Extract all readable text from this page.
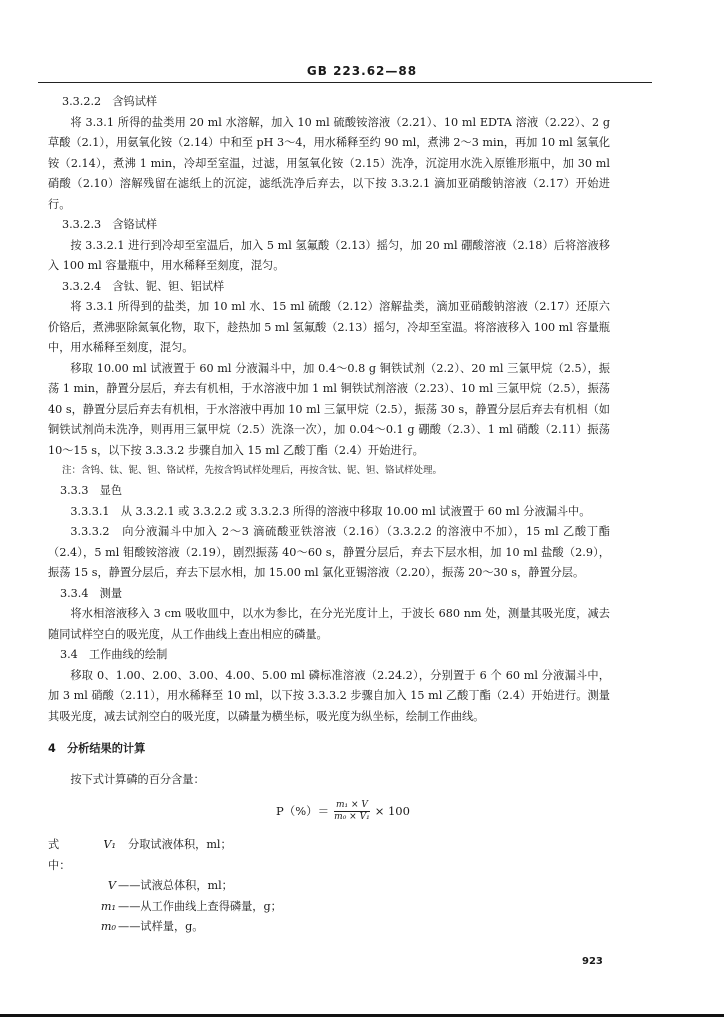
GB 223.62—88

3.3.2.2　含钨试样

将 3.3.1 所得的盐类用 20 ml 水溶解，加入 10 ml 硫酸铵溶液（2.21）、10 ml EDTA 溶液（2.22）、2 g 草酸（2.1），用氨氧化铵（2.14）中和至 pH 3～4，用水稀释至约 90 ml，煮沸 2～3 min，再加 10 ml 氢氧化铵（2.14），煮沸 1 min，冷却至室温，过滤，用氢氧化铵（2.15）洗净，沉淀用水洗入原锥形瓶中，加 30 ml 硝酸（2.10）溶解残留在滤纸上的沉淀，滤纸洗净后弃去，以下按 3.3.2.1 滴加亚硝酸钠溶液（2.17）开始进行。

3.3.2.3　含铬试样

按 3.3.2.1 进行到冷却至室温后，加入 5 ml 氢氟酸（2.13）摇匀，加 20 ml 硼酸溶液（2.18）后将溶液移入 100 ml 容量瓶中，用水稀释至刻度，混匀。

3.3.2.4　含钛、铌、钽、铝试样

将 3.3.1 所得到的盐类，加 10 ml 水、15 ml 硫酸（2.12）溶解盐类，滴加亚硝酸钠溶液（2.17）还原六价铬后，煮沸驱除氮氧化物，取下，趁热加 5 ml 氢氟酸（2.13）摇匀，冷却至室温。将溶液移入 100 ml 容量瓶中，用水稀释至刻度，混匀。

移取 10.00 ml 试液置于 60 ml 分液漏斗中，加 0.4～0.8 g 铜铁试剂（2.2）、20 ml 三氯甲烷（2.5），振荡 1 min，静置分层后，弃去有机相，于水溶液中加 1 ml 铜铁试剂溶液（2.23）、10 ml 三氯甲烷（2.5），振荡 40 s，静置分层后弃去有机相，于水溶液中再加 10 ml 三氯甲烷（2.5），振荡 30 s，静置分层后弃去有机相（如铜铁试剂尚未洗净，则再用三氯甲烷（2.5）洗涤一次），加 0.04～0.1 g 硼酸（2.3）、1 ml 硝酸（2.11）振荡 10～15 s，以下按 3.3.3.2 步骤自加入 15 ml 乙酸丁酯（2.4）开始进行。

注：含钨、钛、铌、钽、铬试样，先按含钨试样处理后，再按含钛、铌、钽、铬试样处理。

3.3.3　显色

3.3.3.1　从 3.3.2.1 或 3.3.2.2 或 3.3.2.3 所得的溶液中移取 10.00 ml 试液置于 60 ml 分液漏斗中。

3.3.3.2　向分液漏斗中加入 2～3 滴硫酸亚铁溶液（2.16）（3.3.2.2 的溶液中不加），15 ml 乙酸丁酯（2.4），5 ml 钼酸铵溶液（2.19），剧烈振荡 40～60 s，静置分层后，弃去下层水相，加 10 ml 盐酸（2.9），振荡 15 s，静置分层后，弃去下层水相，加 15.00 ml 氯化亚锡溶液（2.20），振荡 20～30 s，静置分层。

3.3.4　测量

将水相溶液移入 3 cm 吸收皿中，以水为参比，在分光光度计上，于波长 680 nm 处，测量其吸光度，减去随同试样空白的吸光度，从工作曲线上查出相应的磷量。

3.4　工作曲线的绘制

移取 0、1.00、2.00、3.00、4.00、5.00 ml 磷标准溶液（2.24.2），分别置于 6 个 60 ml 分液漏斗中，加 3 ml 硝酸（2.11），用水稀释至 10 ml，以下按 3.3.3.2 步骤自加入 15 ml 乙酸丁酯（2.4）开始进行。测量其吸光度，减去试剂空白的吸光度，以磷量为横坐标，吸光度为纵坐标，绘制工作曲线。

4　分析结果的计算

按下式计算磷的百分含量：

$P(\%)= \frac{\text{m₁ × V}}{\text{m₀ × V₁}} \times 100$
式中：
V₁	分取试液体积，ml；
V ——试液总体积，ml；
m₁ ——从工作曲线上查得磷量，g；
m₀ ——试样量，g。
923
